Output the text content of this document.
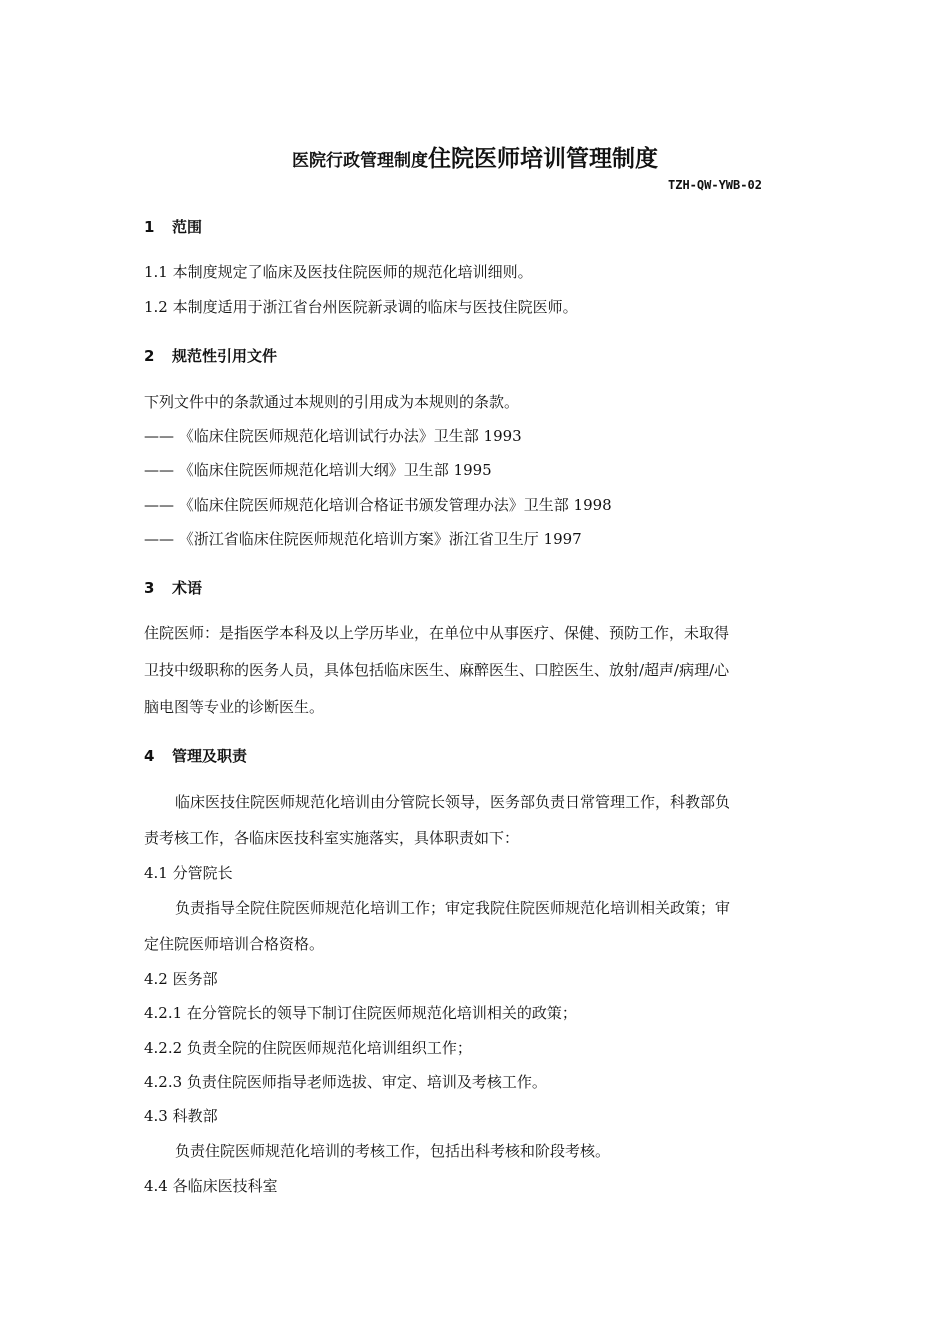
医院行政管理制度住院医师培训管理制度
TZH-QW-YWB-02
1 范围

1.1 本制度规定了临床及医技住院医师的规范化培训细则。

1.2 本制度适用于浙江省台州医院新录调的临床与医技住院医师。

2 规范性引用文件

下列文件中的条款通过本规则的引用成为本规则的条款。

—— 《临床住院医师规范化培训试行办法》卫生部 1993

—— 《临床住院医师规范化培训大纲》卫生部 1995

—— 《临床住院医师规范化培训合格证书颁发管理办法》卫生部 1998

—— 《浙江省临床住院医师规范化培训方案》浙江省卫生厅 1997

3 术语

住院医师：是指医学本科及以上学历毕业，在单位中从事医疗、保健、预防工作，未取得

卫技中级职称的医务人员，具体包括临床医生、麻醉医生、口腔医生、放射/超声/病理/心

脑电图等专业的诊断医生。

4 管理及职责

临床医技住院医师规范化培训由分管院长领导，医务部负责日常管理工作，科教部负

责考核工作，各临床医技科室实施落实，具体职责如下：

4.1 分管院长

负责指导全院住院医师规范化培训工作；审定我院住院医师规范化培训相关政策；审

定住院医师培训合格资格。

4.2 医务部

4.2.1 在分管院长的领导下制订住院医师规范化培训相关的政策；

4.2.2 负责全院的住院医师规范化培训组织工作；

4.2.3 负责住院医师指导老师选拔、审定、培训及考核工作。

4.3 科教部

负责住院医师规范化培训的考核工作，包括出科考核和阶段考核。

4.4 各临床医技科室
